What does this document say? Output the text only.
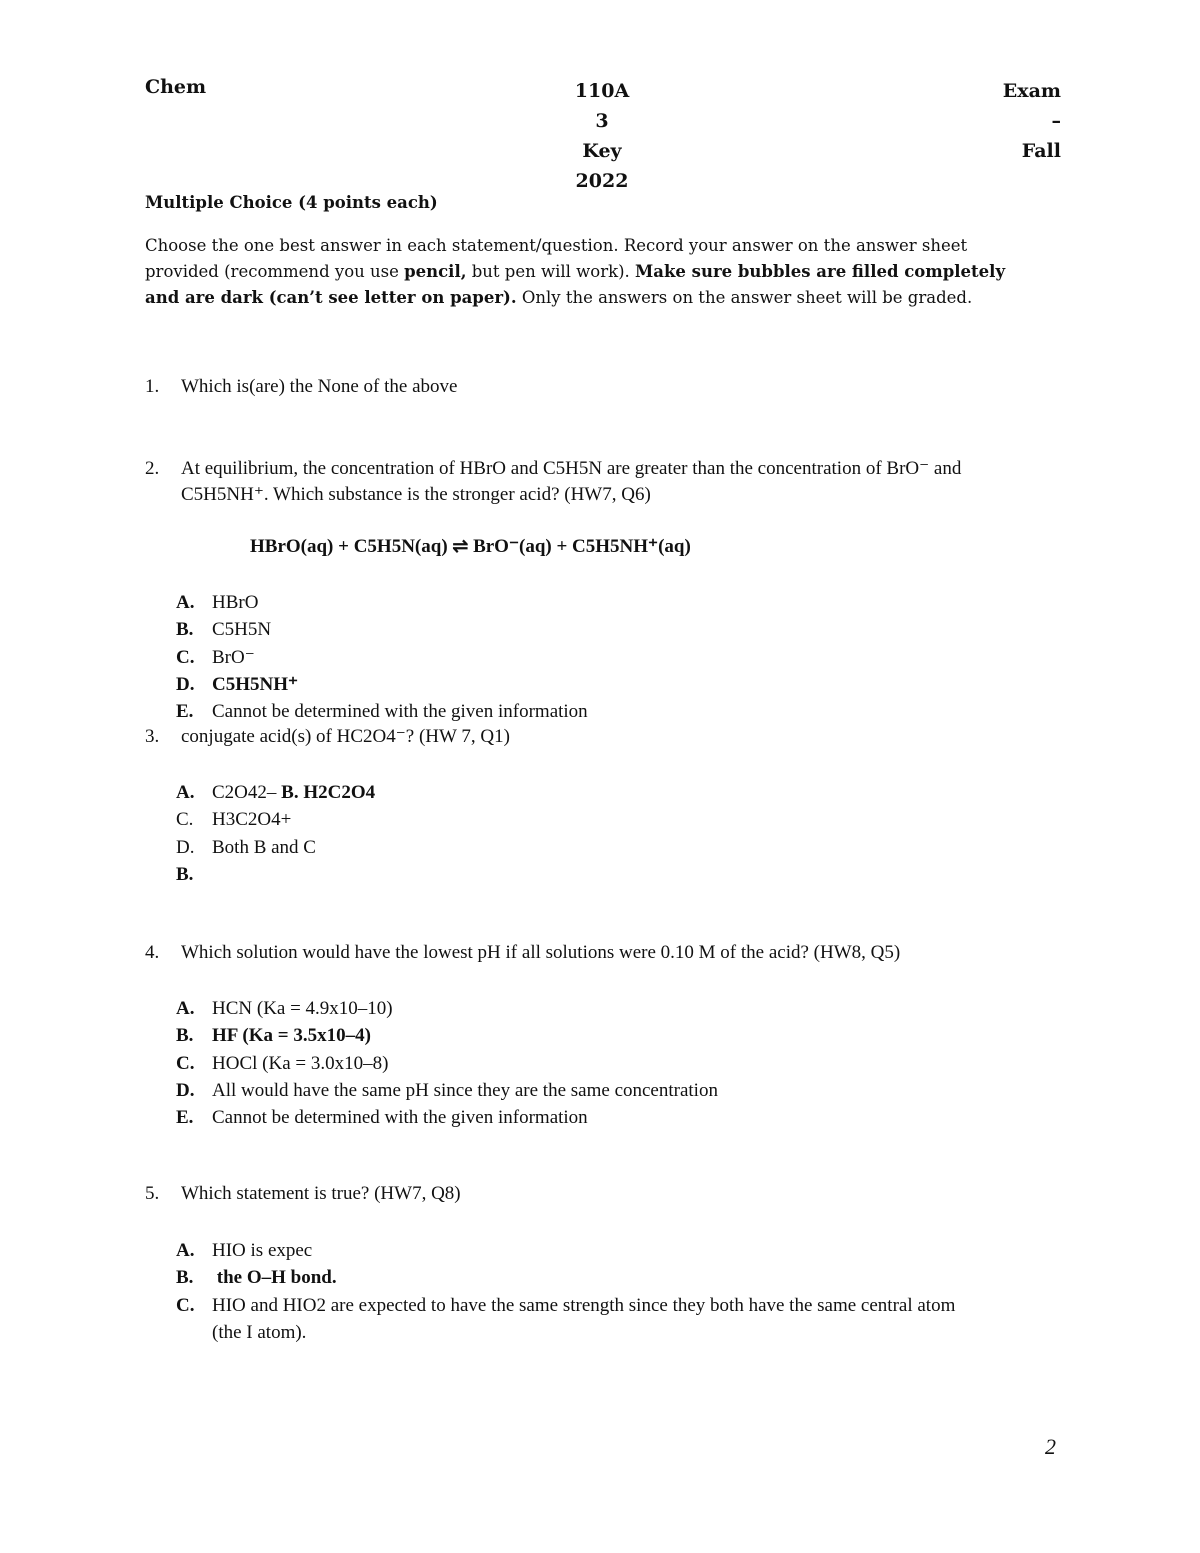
Chem	110A
3
Key
2022
Exam
–
Fall
Multiple Choice (4 points each)
Choose the one best answer in each statement/question. Record your answer on the answer sheet
provided (recommend you use pencil, but pen will work). Make sure bubbles are filled completely
and are dark (can’t see letter on paper). Only the answers on the answer sheet will be graded.
1. Which is(are) the None of the above
2. At equilibrium, the concentration of HBrO and C5H5N are greater than the concentration of BrO⁻ and
C5H5NH⁺. Which substance is the stronger acid? (HW7, Q6)
HBrO(aq) + C5H5N(aq) ⇌ BrO⁻(aq) + C5H5NH⁺(aq)
A. HBrO
B. C5H5N
C. BrO⁻
D. C5H5NH⁺
E. Cannot be determined with the given information
3. conjugate acid(s) of HC2O4⁻? (HW 7, Q1)
A. C2O42– B. H2C2O4
C. H3C2O4+
D. Both B and C
B.
4. Which solution would have the lowest pH if all solutions were 0.10 M of the acid? (HW8, Q5)
A. HCN (Ka = 4.9x10–10)
B. HF (Ka = 3.5x10–4)
C. HOCl (Ka = 3.0x10–8)
D. All would have the same pH since they are the same concentration
E. Cannot be determined with the given information
5. Which statement is true? (HW7, Q8)
A. HIO is expec
B. the O–H bond.
C. HIO and HIO2 are expected to have the same strength since they both have the same central atom
(the I atom).
2
